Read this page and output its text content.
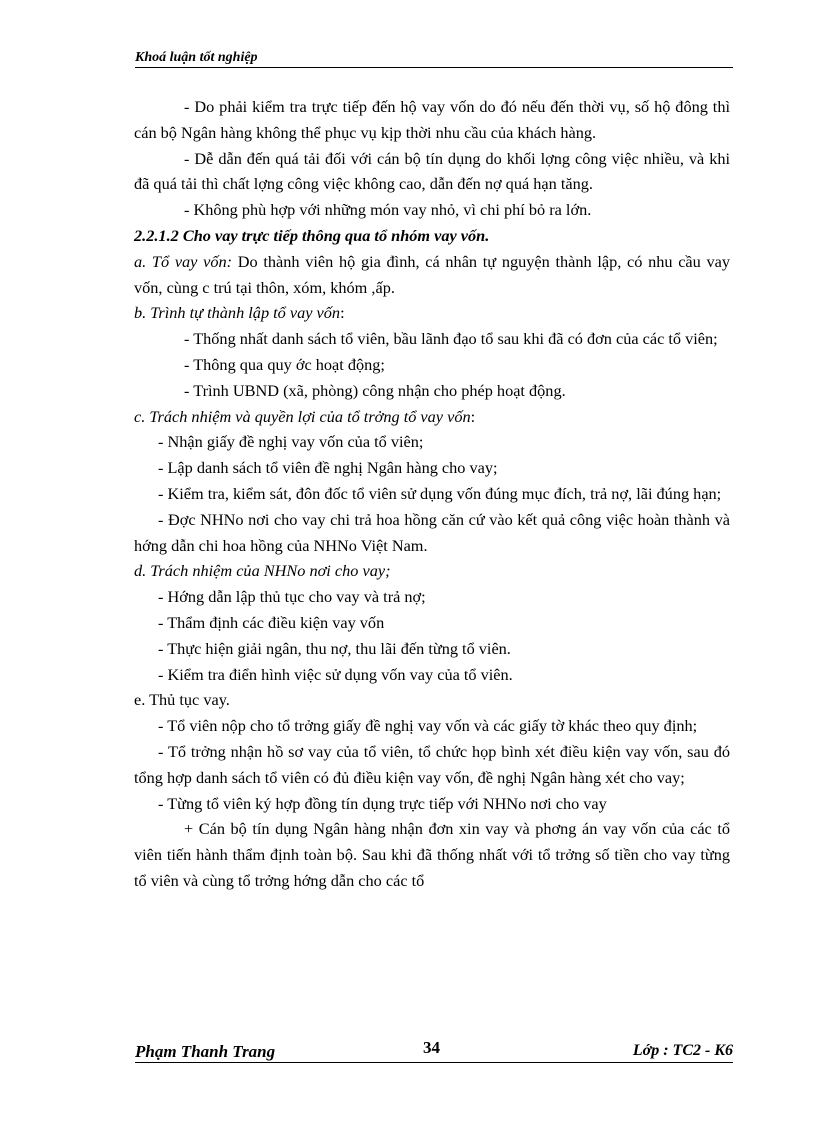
Khoá luận tốt nghiệp

- Do phải kiểm tra trực tiếp đến hộ vay vốn do đó nếu đến thời vụ, số hộ đông thì cán bộ Ngân hàng không thể phục vụ kịp thời nhu cầu của khách hàng.

- Dễ dẫn đến quá tải đối với cán bộ tín dụng do khối lợng công việc nhiều, và khi đã quá tải thì chất lợng công việc không cao, dẫn đến nợ quá hạn tăng.

- Không phù hợp với những món vay nhỏ, vì chi phí bỏ ra lớn.

2.2.1.2 Cho vay trực tiếp thông qua tổ nhóm vay vốn.

a. Tổ vay vốn: Do thành viên hộ gia đình, cá nhân tự nguyện thành lập, có nhu cầu vay vốn, cùng c trú tại thôn, xóm, khóm ,ấp.

b. Trình tự thành lập tổ vay vốn:

- Thống nhất danh sách tổ viên, bầu lãnh đạo tổ sau khi đã có đơn của các tổ viên;

- Thông qua quy ớc hoạt động;

- Trình UBND (xã, phòng) công nhận cho phép hoạt động.

c. Trách nhiệm và quyền lợi của tổ trởng tổ vay vốn:

- Nhận giấy đề nghị vay vốn của tổ viên;

- Lập danh sách tổ viên đề nghị Ngân hàng cho vay;

- Kiểm tra, kiểm sát, đôn đốc tổ viên sử dụng vốn đúng mục đích, trả nợ, lãi đúng hạn;

- Đợc NHNo nơi cho vay chi trả hoa hồng căn cứ vào kết quả công việc hoàn thành và hớng dẫn chi hoa hồng của NHNo Việt Nam.

d. Trách nhiệm của NHNo nơi cho vay;

- Hớng dẫn lập thủ tục cho vay và trả nợ;

- Thẩm định các điều kiện vay vốn

- Thực hiện giải ngân, thu nợ, thu lãi đến từng tổ viên.

- Kiểm tra điển hình việc sử dụng vốn vay của tổ viên.

e. Thủ tục vay.

- Tổ viên nộp cho tổ trởng giấy đề nghị vay vốn và các giấy tờ khác theo quy định;

- Tổ trởng nhận hồ sơ vay của tổ viên, tổ chức họp bình xét điều kiện vay vốn, sau đó tổng hợp danh sách tổ viên có đủ điều kiện vay vốn, đề nghị Ngân hàng xét cho vay;

- Từng tổ viên ký hợp đồng tín dụng trực tiếp với NHNo nơi cho vay

+ Cán bộ tín dụng Ngân hàng nhận đơn xin vay và phơng án vay vốn của các tổ viên tiến hành thẩm định toàn bộ. Sau khi đã thống nhất với tổ trởng số tiền cho vay từng tổ viên và cùng tổ trởng hớng dẫn cho các tổ

Phạm Thanh Trang	34	Lớp : TC2 - K6
